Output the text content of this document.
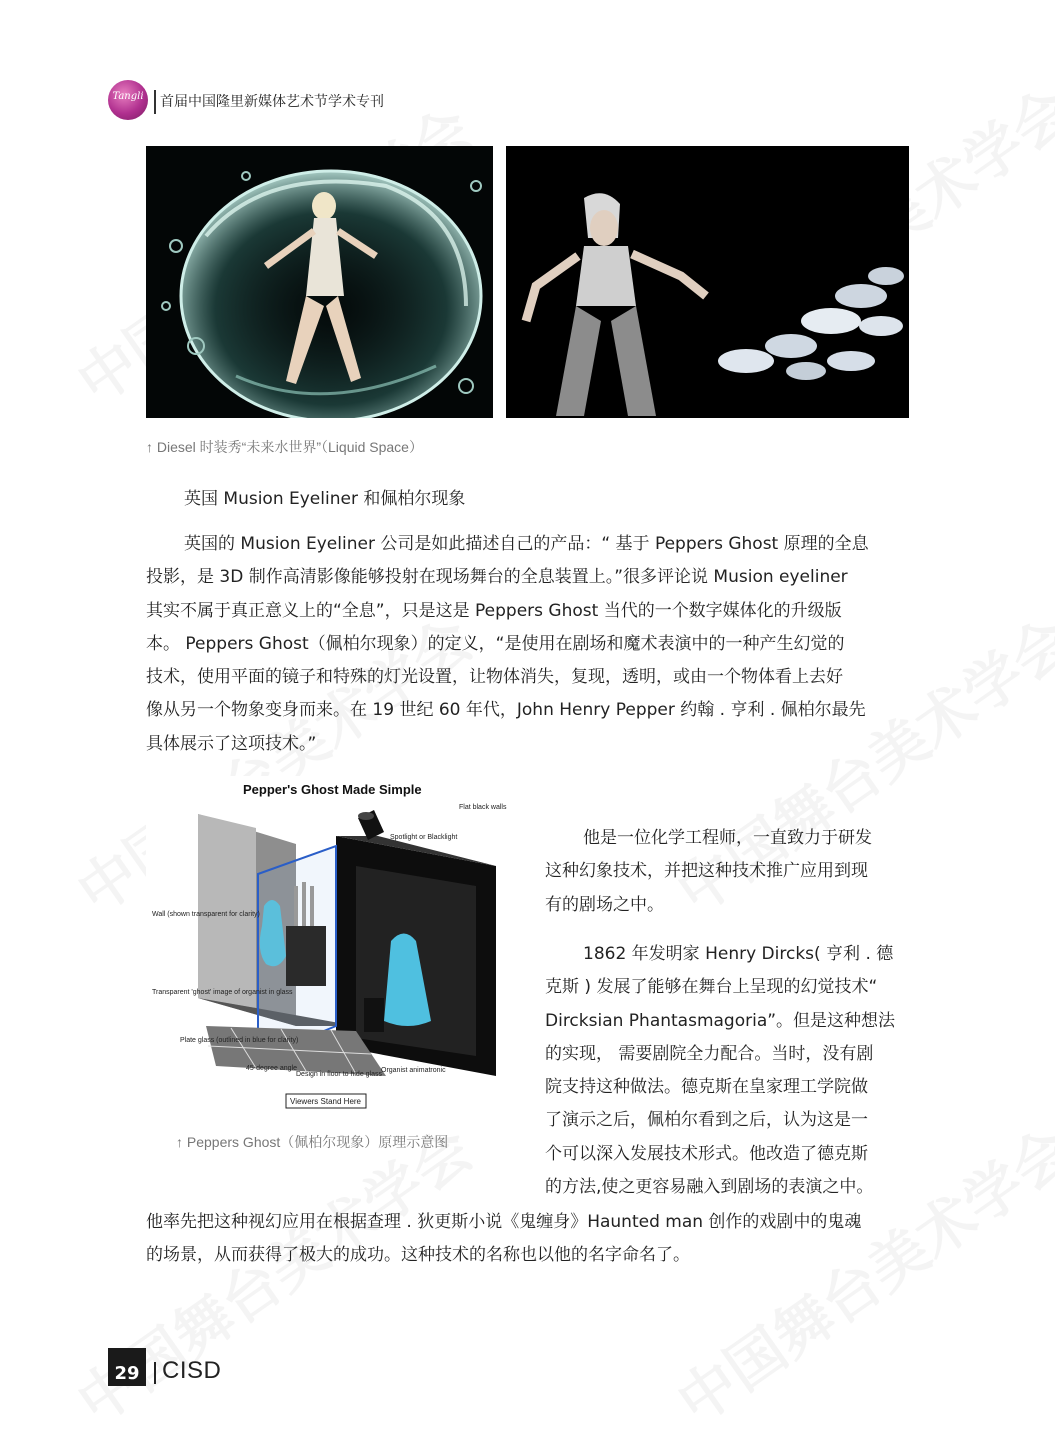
Tangli	首届中国隆里新媒体艺术节学术专刊
↑ Diesel 时装秀“未来水世界”（Liquid Space）
英国 Musion Eyeliner 和佩柏尔现象
英国的 Musion Eyeliner 公司是如此描述自己的产品：“ 基于 Peppers Ghost 原理的全息
投影，是 3D 制作高清影像能够投射在现场舞台的全息装置上。”很多评论说 Musion eyeliner
其实不属于真正意义上的“全息”，只是这是 Peppers Ghost 当代的一个数字媒体化的升级版
本。 Peppers Ghost（佩柏尔现象）的定义，“是使用在剧场和魔术表演中的一种产生幻觉的
技术，使用平面的镜子和特殊的灯光设置，让物体消失，复现，透明，或由一个物体看上去好
像从另一个物象变身而来。在 19 世纪 60 年代，John Henry Pepper 约翰 . 亨利 . 佩柏尔最先
具体展示了这项技术。”
Pepper's Ghost Made Simple
Flat black walls
Spotlight or Blacklight
Wall (shown transparent for clarity)
Transparent 'ghost' image of organist in glass
Plate glass (outlined in blue for clarity)
45-degree angle
Design in floor to hide glass
Organist animatronic
Viewers Stand Here
↑ Peppers Ghost（佩柏尔现象）原理示意图
他是一位化学工程师，一直致力于研发
这种幻象技术，并把这种技术推广应用到现
有的剧场之中。
1862 年发明家 Henry Dircks( 亨利 . 德
克斯 ) 发展了能够在舞台上呈现的幻觉技术“
Dircksian Phantasmagoria”。但是这种想法
的实现， 需要剧院全力配合。当时，没有剧
院支持这种做法。德克斯在皇家理工学院做
了演示之后，佩柏尔看到之后，认为这是一
个可以深入发展技术形式。他改造了德克斯
的方法,使之更容易融入到剧场的表演之中。
他率先把这种视幻应用在根据查理 . 狄更斯小说《鬼缠身》Haunted man 创作的戏剧中的鬼魂
的场景，从而获得了极大的成功。这种技术的名称也以他的名字命名了。
29 CISD
